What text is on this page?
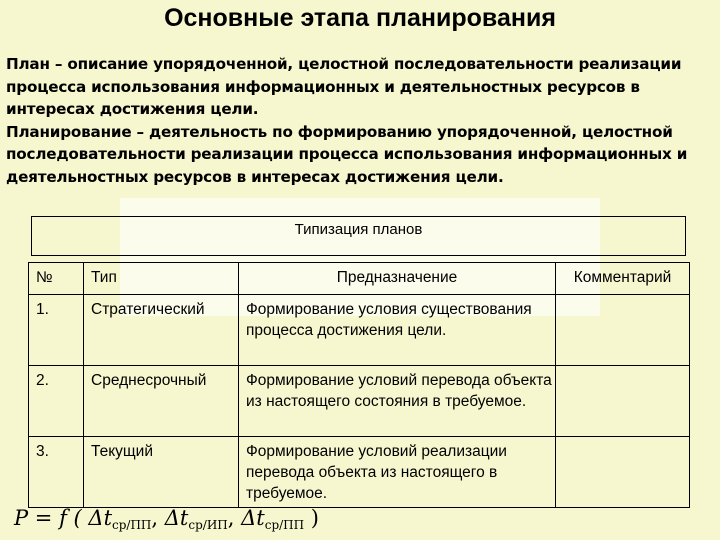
Основные этапа планирования

План – описание упорядоченной, целостной последовательности реализации процесса использования информационных и деятельностных ресурсов в интересах достижения цели.

Планирование – деятельность по формированию упорядоченной, целостной последовательности реализации процесса использования информационных и деятельностных ресурсов в интересах достижения цели.

Типизация планов
№	Тип	Предназначение	Комментарий
1.	Стратегический	Формирование условия существования процесса достижения цели.	
2.	Среднесрочный	Формирование условий перевода объекта из настоящего состояния в требуемое.	
3.	Текущий	Формирование условий реализации перевода объекта из настоящего в требуемое.	
P = f ( $\Delta t_{ср/ПП}$, $\Delta t_{ср/ИП}$, $\Delta t_{ср/ПП}$ )
